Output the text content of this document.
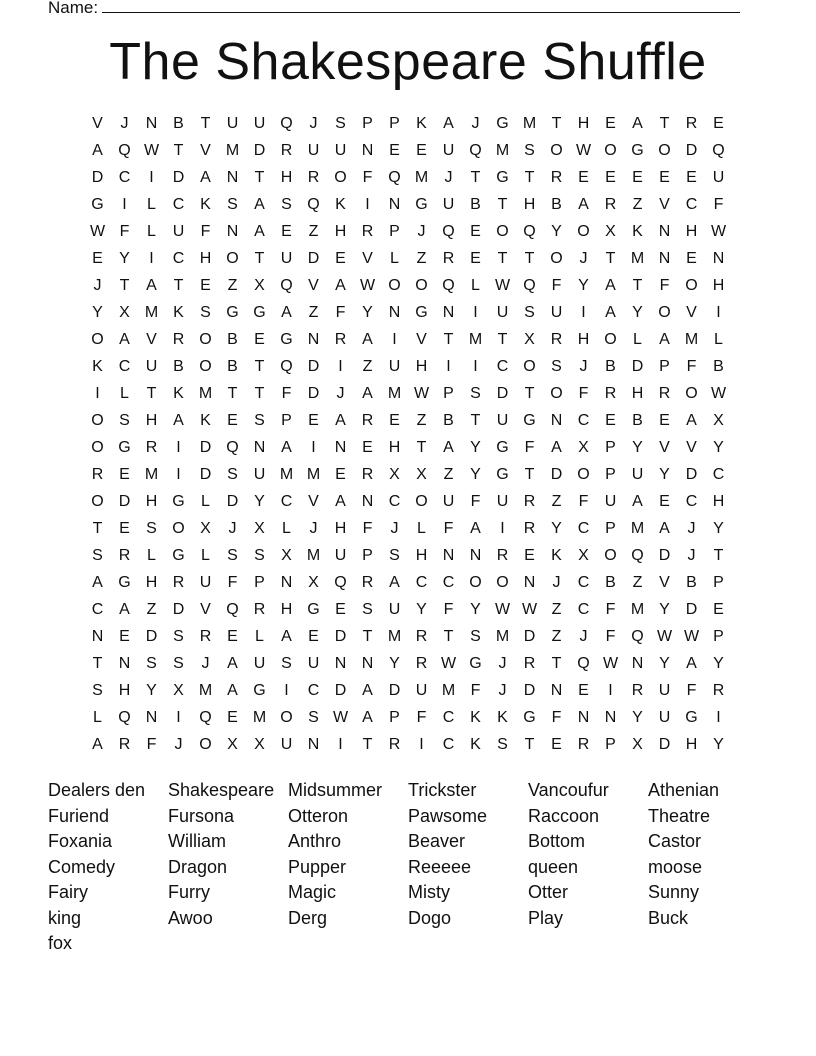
Name:
The Shakespeare Shuffle
V	J	N B	T	U U Q	J	S	P	P	K	A	J	G M T	H E	A	T	R E
A Q W T	V M D R U U N E	E U Q M S O W O G O D Q
D C	I	D A N	T	H R O F Q M	J	T G T	R E	E	E	E	E U
G	I	L	C K	S	A	S Q K	I	N G U B	T	H B	A R	Z	V C	F
W F	L	U	F	N A	E	Z	H R P	J	Q E O Q Y O X	K N H W
E	Y	I	C H O T	U D E	V	L	Z	R E	T	T O	J	T M N E N
J	T	A	T	E	Z	X Q V	A W O O Q	L W Q F	Y	A	T	F O H
Y	X M K	S G G A	Z	F	Y N G N	I	U S U	I	A	Y O V	I
O A	V R O B	E G N R A	I	V	T M T	X R H O	L	A M L
K C U B O B	T Q D	I	Z	U H	I	I	C O S	J	B D P	F	B
I	L	T	K M T	T	F	D	J	A M W P	S D	T O F	R H R O W
O S H A	K	E	S	P	E	A R E	Z	B	T	U G N C E	B	E	A	X
O G R	I	D Q N A	I	N E H	T	A	Y G F	A	X	P	Y	V	V	Y
R E M	I	D S U M M E R X	X	Z	Y G T	D O P U Y D C
O D H G	L	D Y C V	A N C O U	F	U R	Z	F	U A	E C H
T	E	S O X	J	X	L	J	H	F	J	L	F	A	I	R Y C P M A	J	Y
S R	L	G	L	S	S	X M U P	S H N N R E	K	X O Q D	J	T
A G H R U	F	P N X Q R A C C O O N	J	C B	Z	V	B	P
C A	Z	D V Q R H G E	S U Y	F	Y W W Z	C	F M Y D E
N E D S R E	L	A	E D	T M R	T	S M D	Z	J	F Q W W P
T	N S	S	J	A U S U N N Y R W G	J	R	T Q W N Y	A	Y
S H Y	X M A G	I	C D A D U M F	J	D N E	I	R U	F	R
L	Q N	I	Q E M O S W A	P	F	C K	K G F	N N Y U G	I
A R	F	J	O X	X U N	I	T	R	I	C K	S	T	E R P	X D H Y
Dealers den	Shakespeare Midsummer	Trickster	Vancoufur	Athenian
Furiend	Fursona	Otteron	Pawsome	Raccoon	Theatre
Foxania	William	Anthro	Beaver	Bottom	Castor
Comedy	Dragon	Pupper	Reeeee	queen	moose
Fairy	Furry	Magic	Misty	Otter	Sunny
king	Awoo	Derg	Dogo	Play	Buck
fox
